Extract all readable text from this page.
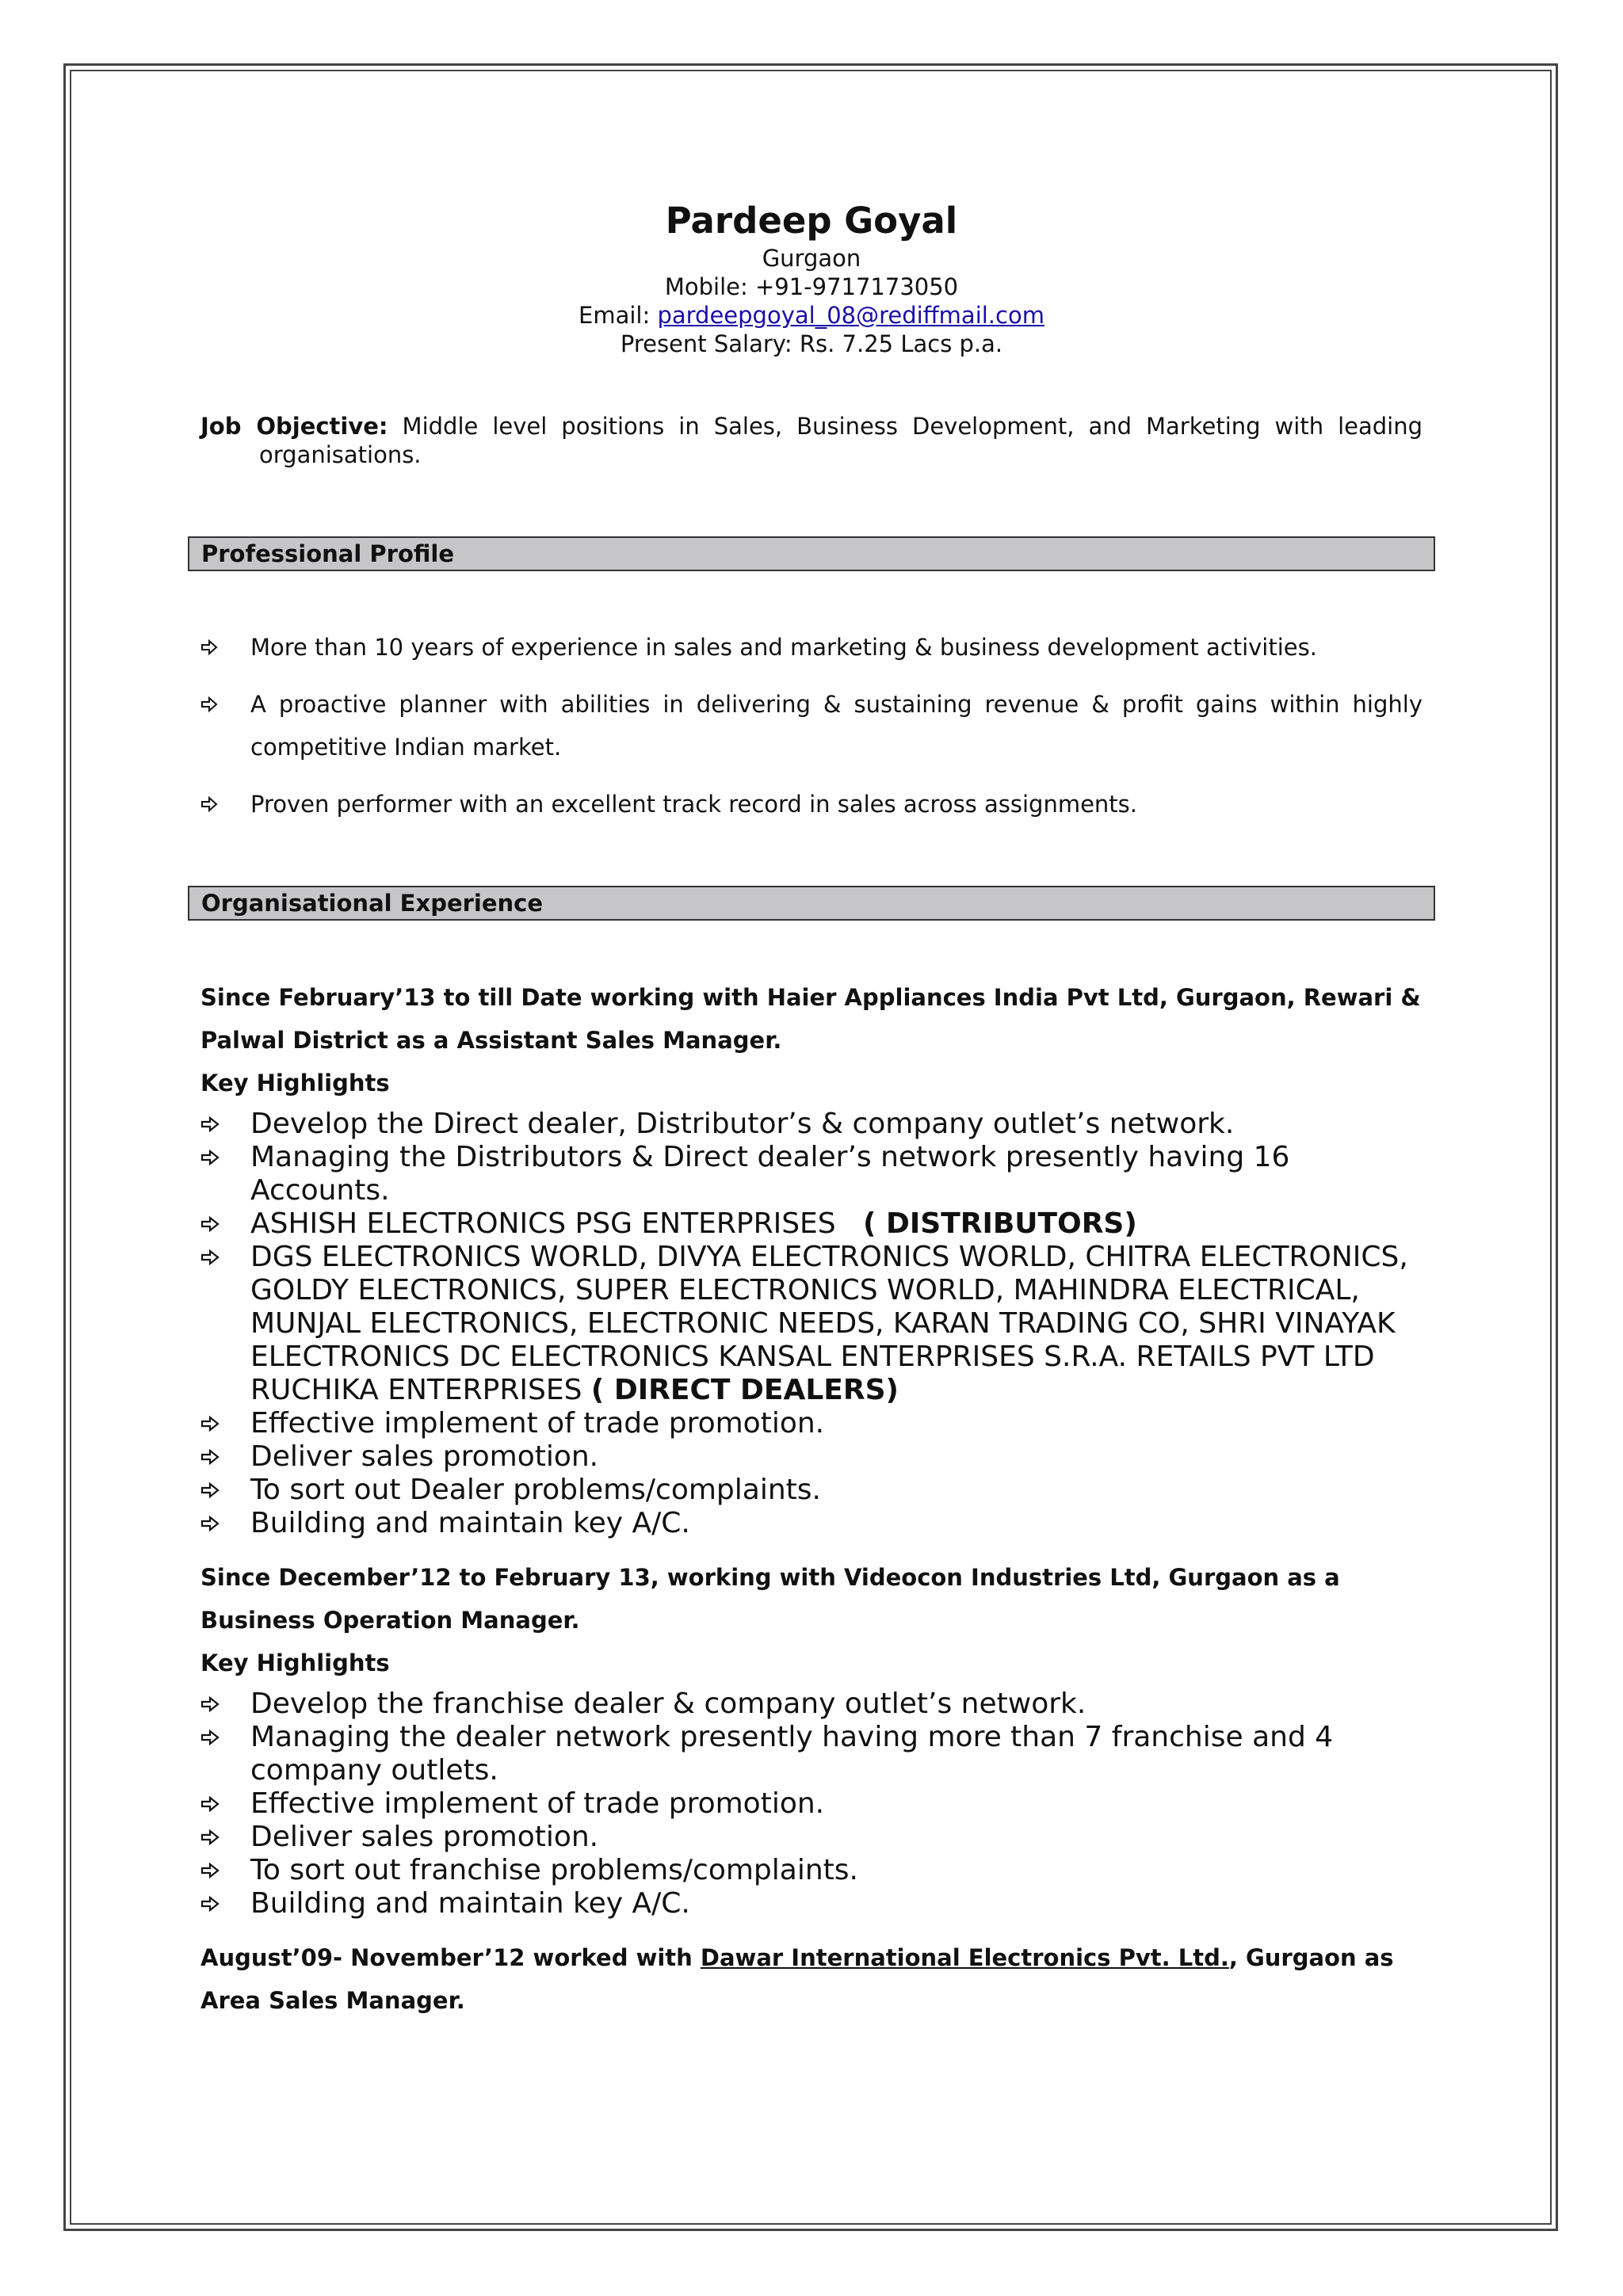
Pardeep Goyal
Gurgaon
Mobile: +91-9717173050
Email: pardeepgoyal_08@rediffmail.com
Present Salary: Rs. 7.25 Lacs p.a.
Job Objective: Middle level positions in Sales, Business Development, and Marketing with leading
organisations.
Professional Profile
More than 10 years of experience in sales and marketing & business development activities.
A proactive planner with abilities in delivering & sustaining revenue & profit gains within highly competitive Indian market.
Proven performer with an excellent track record in sales across assignments.
Organisational Experience
Since February’13 to till Date working with Haier Appliances India Pvt Ltd, Gurgaon, Rewari & Palwal District as a Assistant Sales Manager.
Key Highlights
Develop the Direct dealer, Distributor’s & company outlet’s network.
Managing the Distributors & Direct dealer’s network presently having 16 Accounts.
ASHISH ELECTRONICS PSG ENTERPRISES ( DISTRIBUTORS)
DGS ELECTRONICS WORLD, DIVYA ELECTRONICS WORLD, CHITRA ELECTRONICS, GOLDY ELECTRONICS, SUPER ELECTRONICS WORLD, MAHINDRA ELECTRICAL, MUNJAL ELECTRONICS, ELECTRONIC NEEDS, KARAN TRADING CO, SHRI VINAYAK ELECTRONICS DC ELECTRONICS KANSAL ENTERPRISES S.R.A. RETAILS PVT LTD RUCHIKA ENTERPRISES ( DIRECT DEALERS)
Effective implement of trade promotion.
Deliver sales promotion.
To sort out Dealer problems/complaints.
Building and maintain key A/C.
Since December’12 to February 13, working with Videocon Industries Ltd, Gurgaon as a Business Operation Manager.
Key Highlights
Develop the franchise dealer & company outlet’s network.
Managing the dealer network presently having more than 7 franchise and 4 company outlets.
Effective implement of trade promotion.
Deliver sales promotion.
To sort out franchise problems/complaints.
Building and maintain key A/C.
August’09- November’12 worked with Dawar International Electronics Pvt. Ltd., Gurgaon as Area Sales Manager.
